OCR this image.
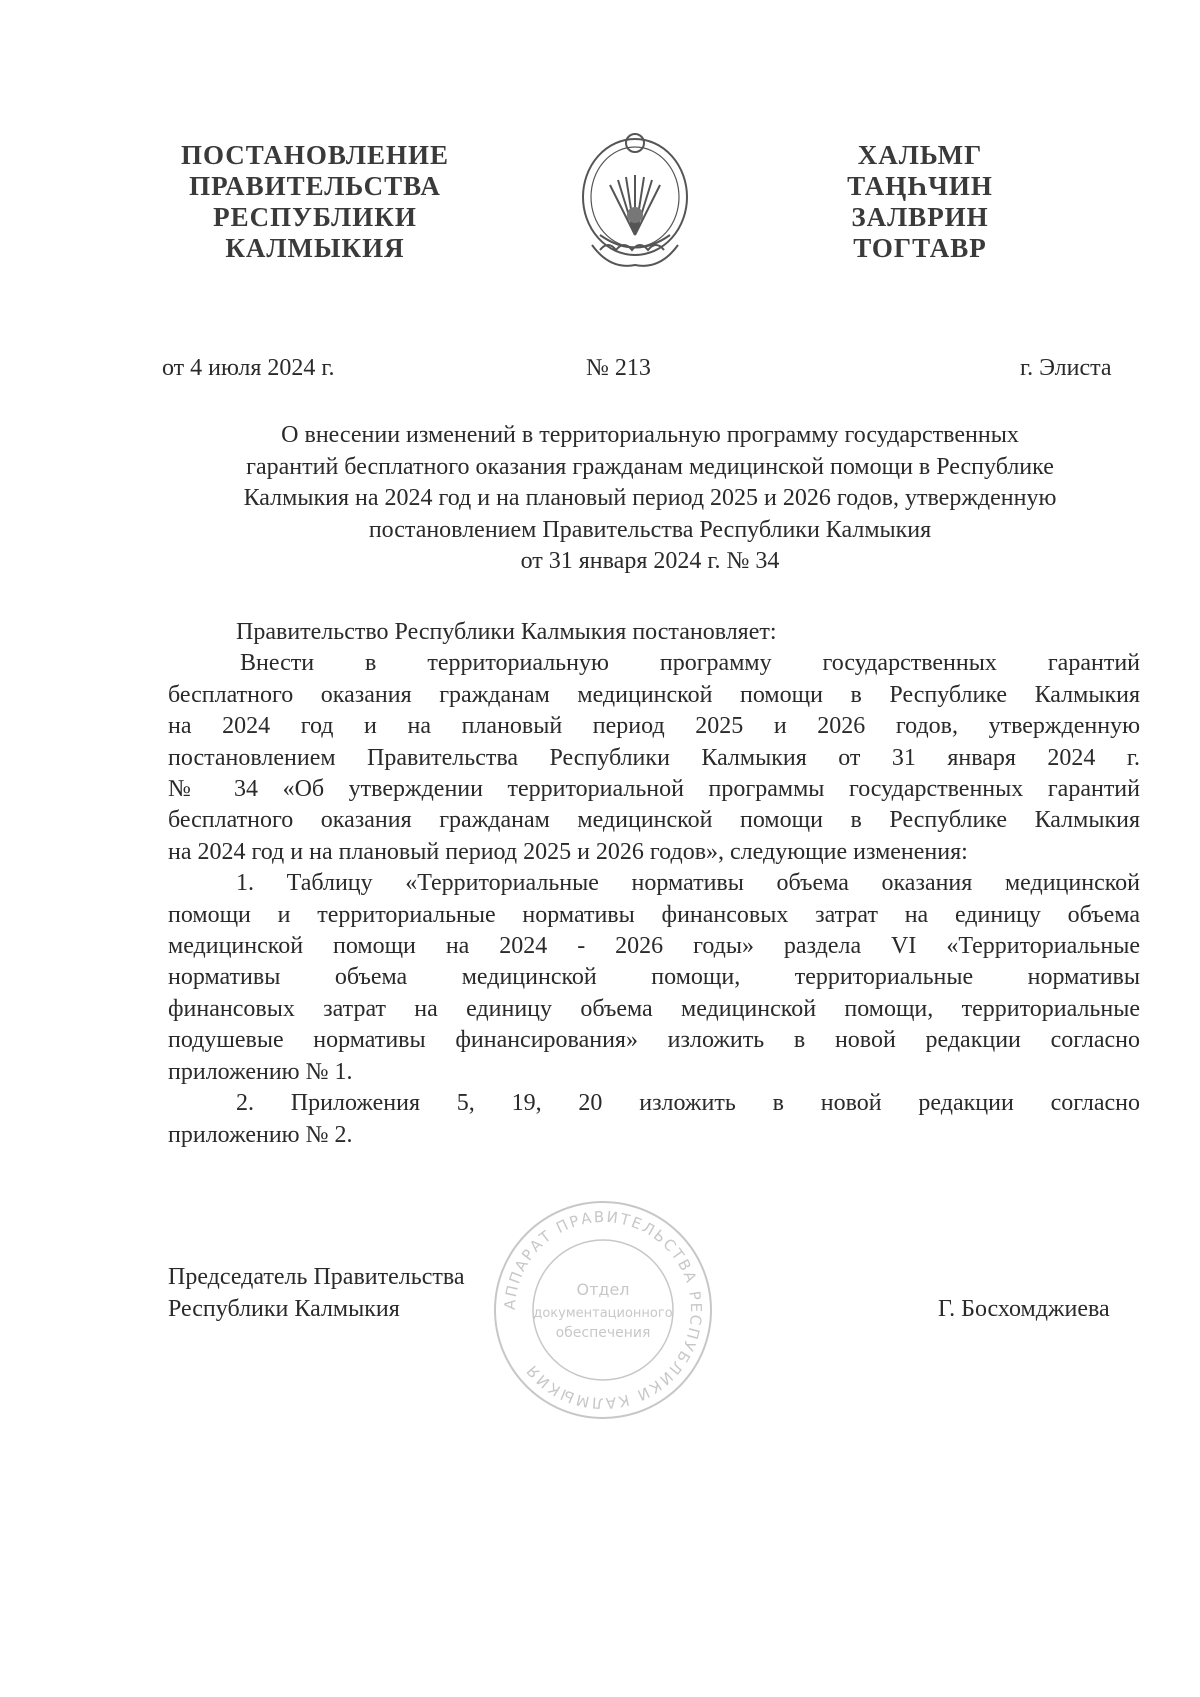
ПОСТАНОВЛЕНИЕ
ПРАВИТЕЛЬСТВА
РЕСПУБЛИКИ
КАЛМЫКИЯ
ХАЛЬМГ
ТАҢҺЧИН
ЗАЛВРИН
ТОГТАВР
от 4 июля 2024 г.	№ 213	г. Элиста
О внесении изменений в территориальную программу государственных
гарантий бесплатного оказания гражданам медицинской помощи в Республике
Калмыкия на 2024 год и на плановый период 2025 и 2026 годов, утвержденную
постановлением Правительства Республики Калмыкия
от 31 января 2024 г. № 34
Правительство Республики Калмыкия постановляет:
Внести в территориальную программу государственных гарантий
бесплатного оказания гражданам медицинской помощи в Республике Калмыкия
на 2024 год и на плановый период 2025 и 2026 годов, утвержденную
постановлением Правительства Республики Калмыкия от 31 января 2024 г.
№ 34 «Об утверждении территориальной программы государственных гарантий
бесплатного оказания гражданам медицинской помощи в Республике Калмыкия
на 2024 год и на плановый период 2025 и 2026 годов», следующие изменения:
1. Таблицу «Территориальные нормативы объема оказания медицинской
помощи и территориальные нормативы финансовых затрат на единицу объема
медицинской помощи на 2024 - 2026 годы» раздела VI «Территориальные
нормативы объема медицинской помощи, территориальные нормативы
финансовых затрат на единицу объема медицинской помощи, территориальные
подушевые нормативы финансирования» изложить в новой редакции согласно
приложению № 1.
2. Приложения 5, 19, 20 изложить в новой редакции согласно
приложению № 2.
АППАРАТ ПРАВИТЕЛЬСТВА РЕСПУБЛИКИ КАЛМЫКИЯ
Отдел
документационного
обеспечения
Председатель Правительства
Республики Калмыкия	Г. Босхомджиева
